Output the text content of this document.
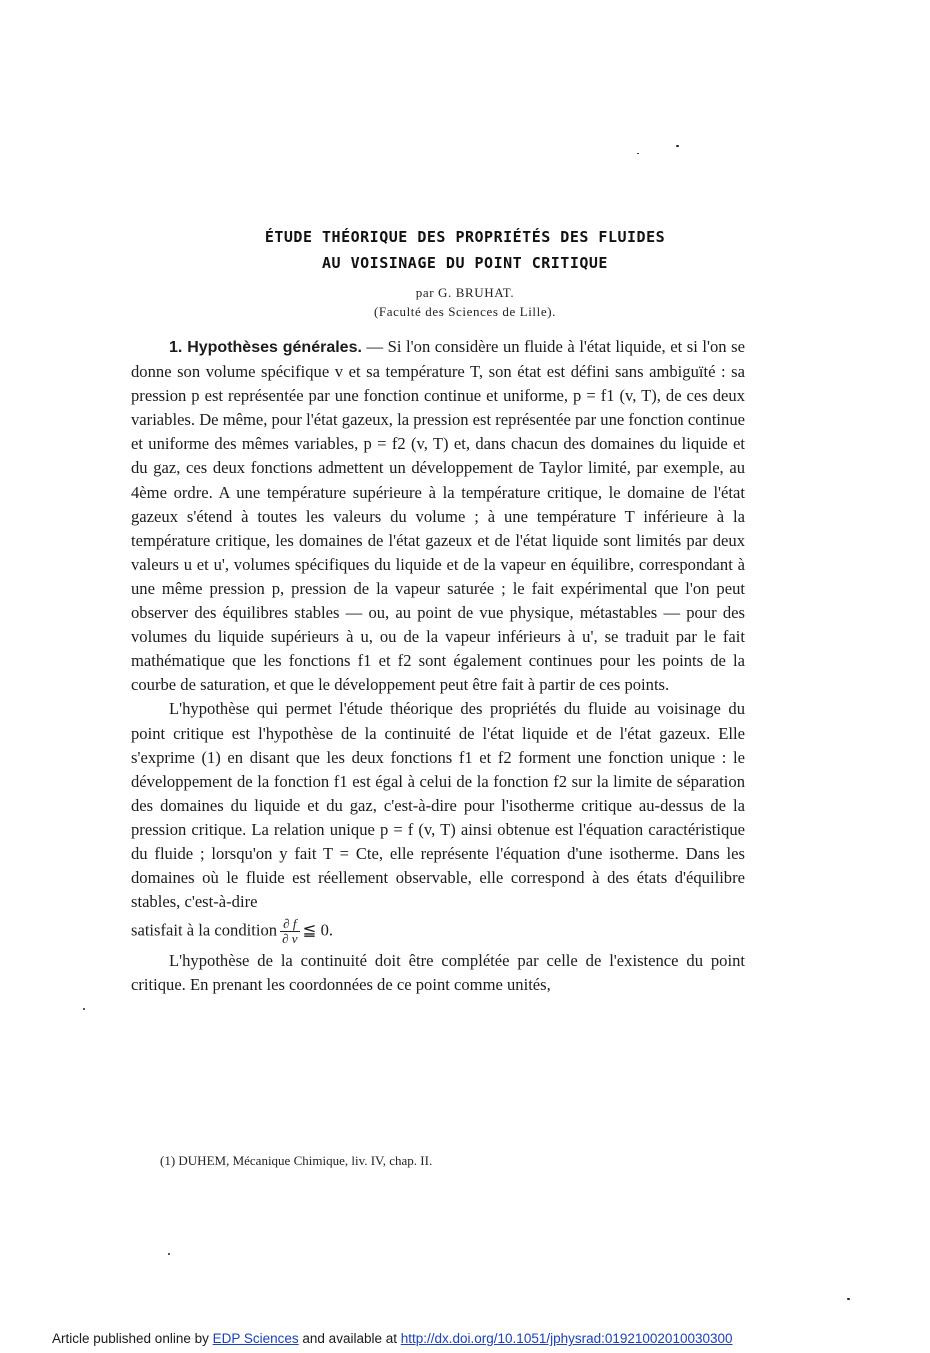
ÉTUDE THÉORIQUE DES PROPRIÉTÉS DES FLUIDES
AU VOISINAGE DU POINT CRITIQUE
par G. BRUHAT.
(Faculté des Sciences de Lille).

1. Hypothèses générales. — Si l'on considère un fluide à l'état liquide, et si l'on se donne son volume spécifique v et sa température T, son état est défini sans ambiguïté : sa pression p est représentée par une fonction continue et uniforme, p = f1 (v, T), de ces deux variables. De même, pour l'état gazeux, la pression est représentée par une fonction continue et uniforme des mêmes variables, p = f2 (v, T) et, dans chacun des domaines du liquide et du gaz, ces deux fonctions admettent un développement de Taylor limité, par exemple, au 4ème ordre. A une température supérieure à la température critique, le domaine de l'état gazeux s'étend à toutes les valeurs du volume ; à une température T inférieure à la température critique, les domaines de l'état gazeux et de l'état liquide sont limités par deux valeurs u et u', volumes spécifiques du liquide et de la vapeur en équilibre, correspondant à une même pression p, pression de la vapeur saturée ; le fait expérimental que l'on peut observer des équilibres stables — ou, au point de vue physique, métastables — pour des volumes du liquide supérieurs à u, ou de la vapeur inférieurs à u', se traduit par le fait mathématique que les fonctions f1 et f2 sont également continues pour les points de la courbe de saturation, et que le développement peut être fait à partir de ces points.

L'hypothèse qui permet l'étude théorique des propriétés du fluide au voisinage du point critique est l'hypothèse de la continuité de l'état liquide et de l'état gazeux. Elle s'exprime (1) en disant que les deux fonctions f1 et f2 forment une fonction unique : le développement de la fonction f1 est égal à celui de la fonction f2 sur la limite de séparation des domaines du liquide et du gaz, c'est-à-dire pour l'isotherme critique au-dessus de la pression critique. La relation unique p = f (v, T) ainsi obtenue est l'équation caractéristique du fluide ; lorsqu'on y fait T = Cte, elle représente l'équation d'une isotherme. Dans les domaines où le fluide est réellement observable, elle correspond à des états d'équilibre stables, c'est-à-dire

satisfait à la condition $\frac{\partial f}{\partial v}$ ≦ 0.

L'hypothèse de la continuité doit être complétée par celle de l'existence du point critique. En prenant les coordonnées de ce point comme unités,

(1) DUHEM, Mécanique Chimique, liv. IV, chap. II.
Article published online by EDP Sciences and available at http://dx.doi.org/10.1051/jphysrad:01921002010030300
